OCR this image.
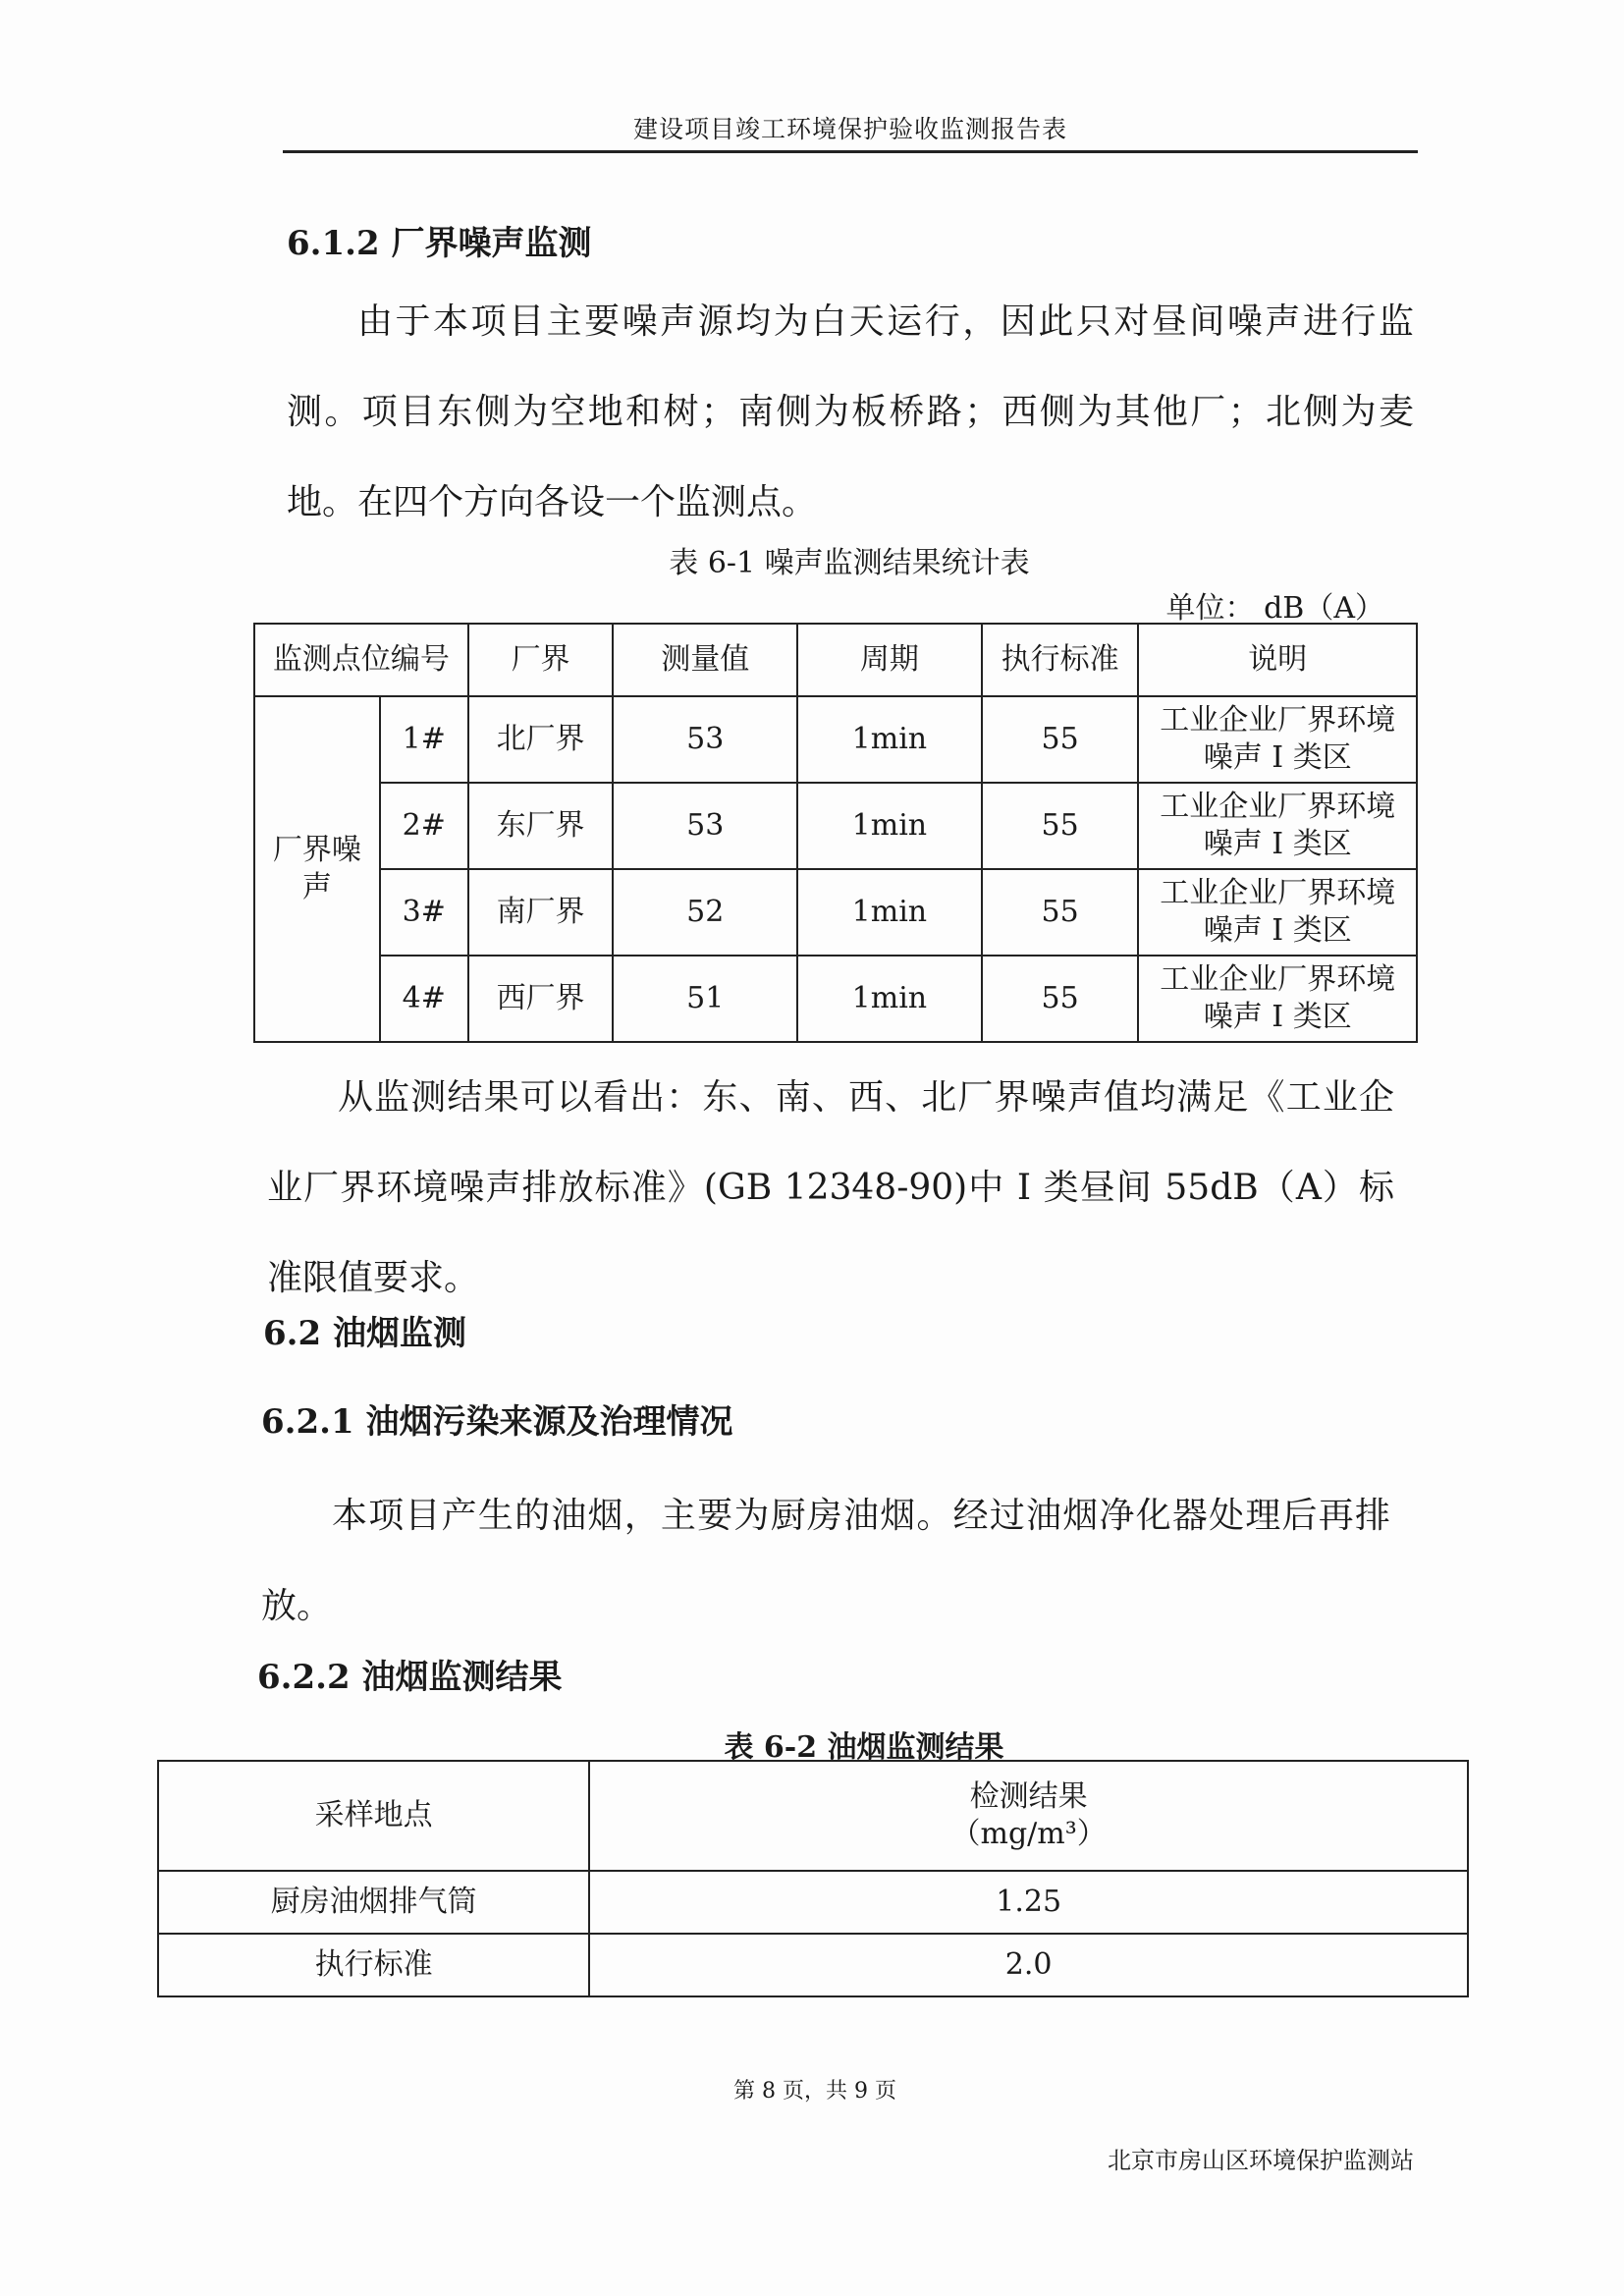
建设项目竣工环境保护验收监测报告表
6.1.2 厂界噪声监测
由于本项目主要噪声源均为白天运行，因此只对昼间噪声进行监测。项目东侧为空地和树；南侧为板桥路；西侧为其他厂；北侧为麦地。在四个方向各设一个监测点。
表 6-1 噪声监测结果统计表
单位： dB（A）
监测点位编号		厂界	测量值	周期	执行标准	说明
厂界噪声	1#	北厂界	53	1min	55	工业企业厂界环境噪声 I 类区
	2#	东厂界	53	1min	55	工业企业厂界环境噪声 I 类区
	3#	南厂界	52	1min	55	工业企业厂界环境噪声 I 类区
	4#	西厂界	51	1min	55	工业企业厂界环境噪声 I 类区
从监测结果可以看出：东、南、西、北厂界噪声值均满足《工业企业厂界环境噪声排放标准》(GB 12348-90)中 I 类昼间 55dB（A）标准限值要求。
6.2 油烟监测
6.2.1 油烟污染来源及治理情况
本项目产生的油烟，主要为厨房油烟。经过油烟净化器处理后再排放。
6.2.2 油烟监测结果
表 6-2 油烟监测结果
采样地点	检测结果
（mg/m³）

厨房油烟排气筒	1.25
执行标准	2.0
第 8 页，共 9 页
北京市房山区环境保护监测站
